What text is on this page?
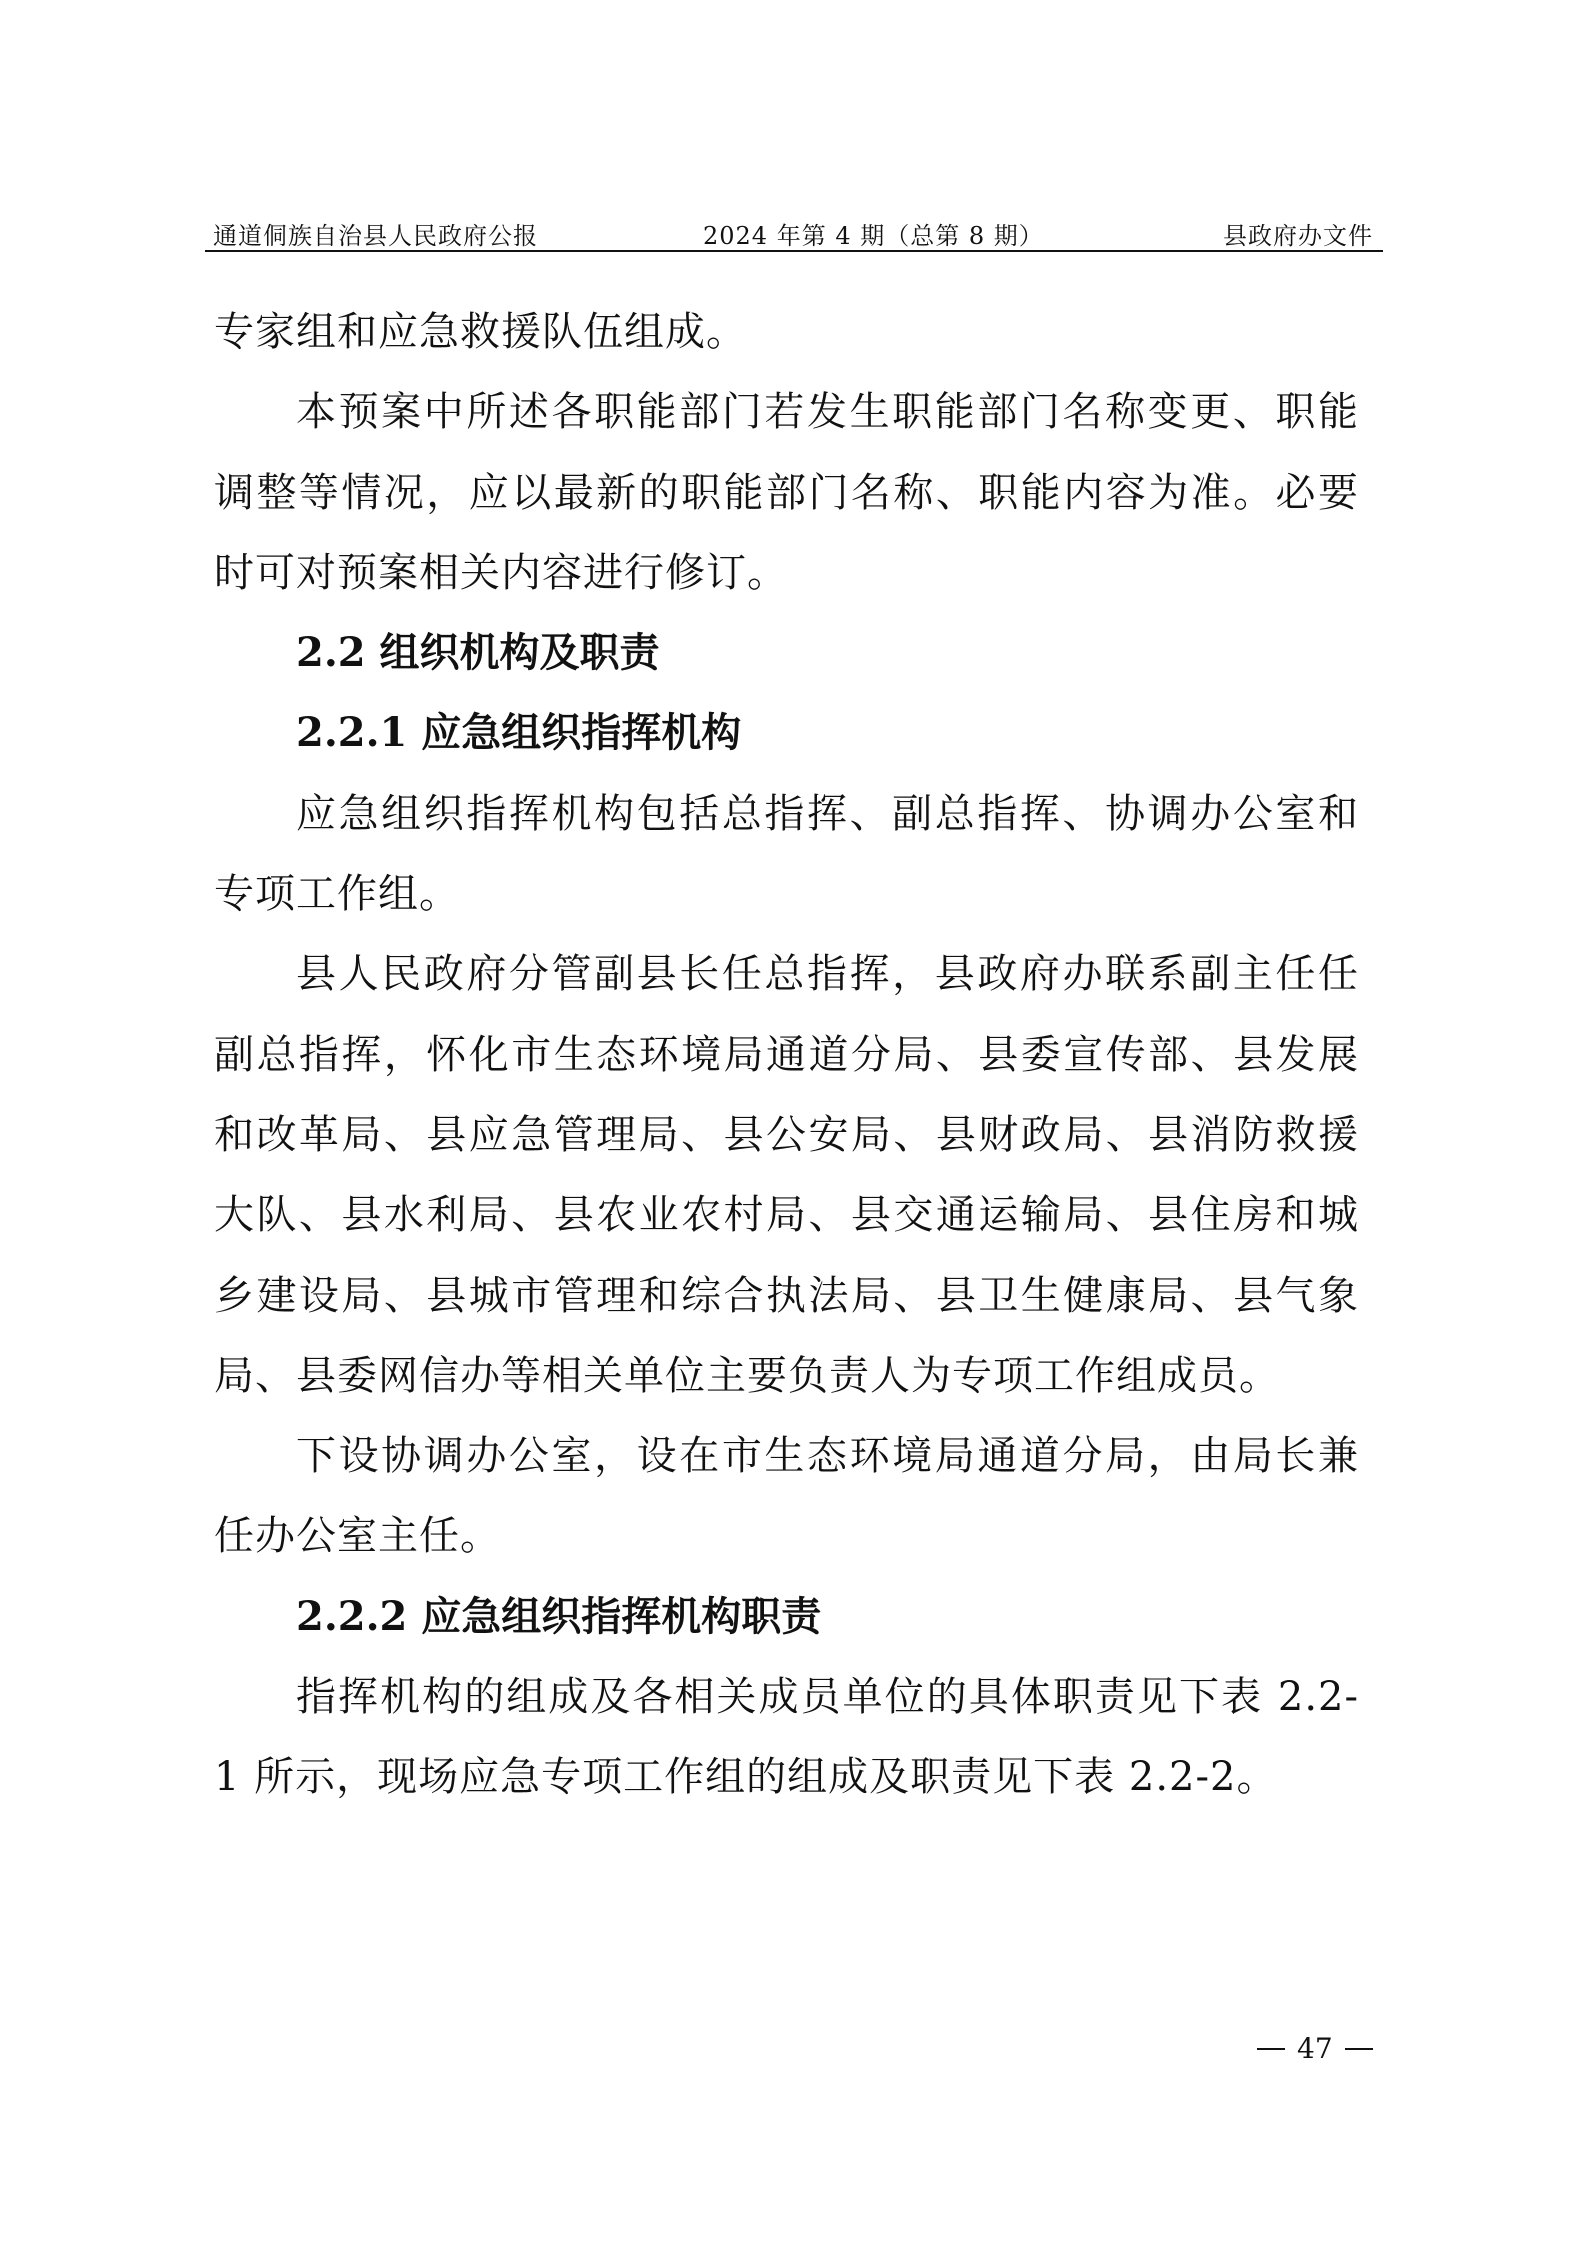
通道侗族自治县人民政府公报	2024 年第 4 期（总第 8 期）	县政府办文件

专家组和应急救援队伍组成。

本预案中所述各职能部门若发生职能部门名称变更、职能调整等情况，应以最新的职能部门名称、职能内容为准。必要时可对预案相关内容进行修订。

2.2 组织机构及职责

2.2.1 应急组织指挥机构

应急组织指挥机构包括总指挥、副总指挥、协调办公室和专项工作组。

县人民政府分管副县长任总指挥，县政府办联系副主任任副总指挥，怀化市生态环境局通道分局、县委宣传部、县发展和改革局、县应急管理局、县公安局、县财政局、县消防救援大队、县水利局、县农业农村局、县交通运输局、县住房和城乡建设局、县城市管理和综合执法局、县卫生健康局、县气象局、县委网信办等相关单位主要负责人为专项工作组成员。

下设协调办公室，设在市生态环境局通道分局，由局长兼任办公室主任。

2.2.2 应急组织指挥机构职责

指挥机构的组成及各相关成员单位的具体职责见下表 2.2-1 所示，现场应急专项工作组的组成及职责见下表 2.2-2。

47
